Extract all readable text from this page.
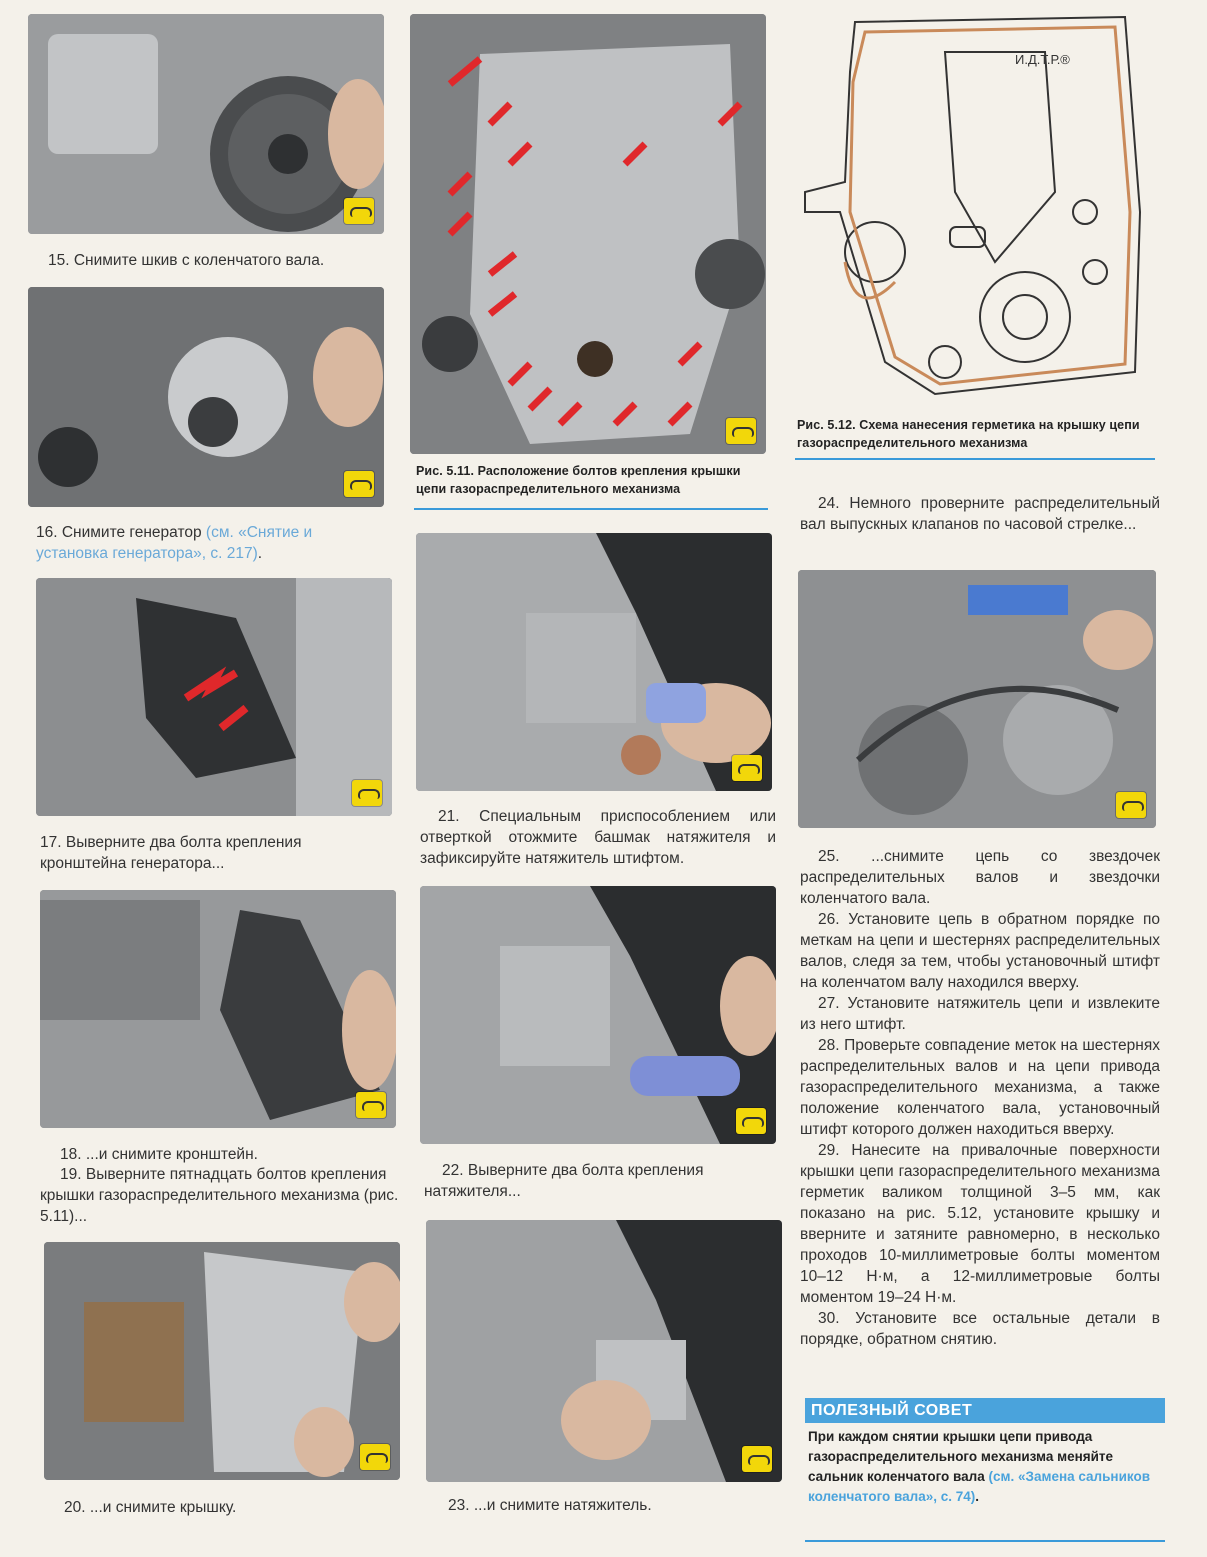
15. Снимите шкив с коленчатого вала.
16. Снимите генератор (см. «Снятие и установка генератора», с. 217).
17. Выверните два болта крепления кронштейна генератора...
18. ...и снимите кронштейн.
19. Выверните пятнадцать болтов крепления крышки газораспределительного механизма (рис. 5.11)...
20. ...и снимите крышку.
Рис. 5.11. Расположение болтов крепления крышки цепи газораспределительного механизма
21. Специальным приспособлением или отверткой отожмите башмак натяжителя и зафиксируйте натяжитель штифтом.
22. Выверните два болта крепления натяжителя...
23. ...и снимите натяжитель.
И.Д.Т.Р.®
Рис. 5.12. Схема нанесения герметика на крышку цепи газораспределительного механизма

24. Немного проверните распределительный вал выпускных клапанов по часовой стрелке...

25. ...снимите цепь со звездочек распределительных валов и звездочки коленчатого вала.

26. Установите цепь в обратном порядке по меткам на цепи и шестернях распределительных валов, следя за тем, чтобы установочный штифт на коленчатом валу находился вверху.

27. Установите натяжитель цепи и извлеките из него штифт.

28. Проверьте совпадение меток на шестернях распределительных валов и на цепи привода газораспределительного механизма, а также положение коленчатого вала, установочный штифт которого должен находиться вверху.

29. Нанесите на привалочные поверхности крышки цепи газораспределительного механизма герметик валиком толщиной 3–5 мм, как показано на рис. 5.12, установите крышку и вверните и затяните равномерно, в несколько проходов 10-миллиметровые болты моментом 10–12 Н·м, а 12-миллиметровые болты моментом 19–24 Н·м.

30. Установите все остальные детали в порядке, обратном снятию.

ПОЛЕЗНЫЙ СОВЕТ
При каждом снятии крышки цепи привода газораспределительного механизма меняйте сальник коленчатого вала (см. «Замена сальников коленчатого вала», с. 74).
